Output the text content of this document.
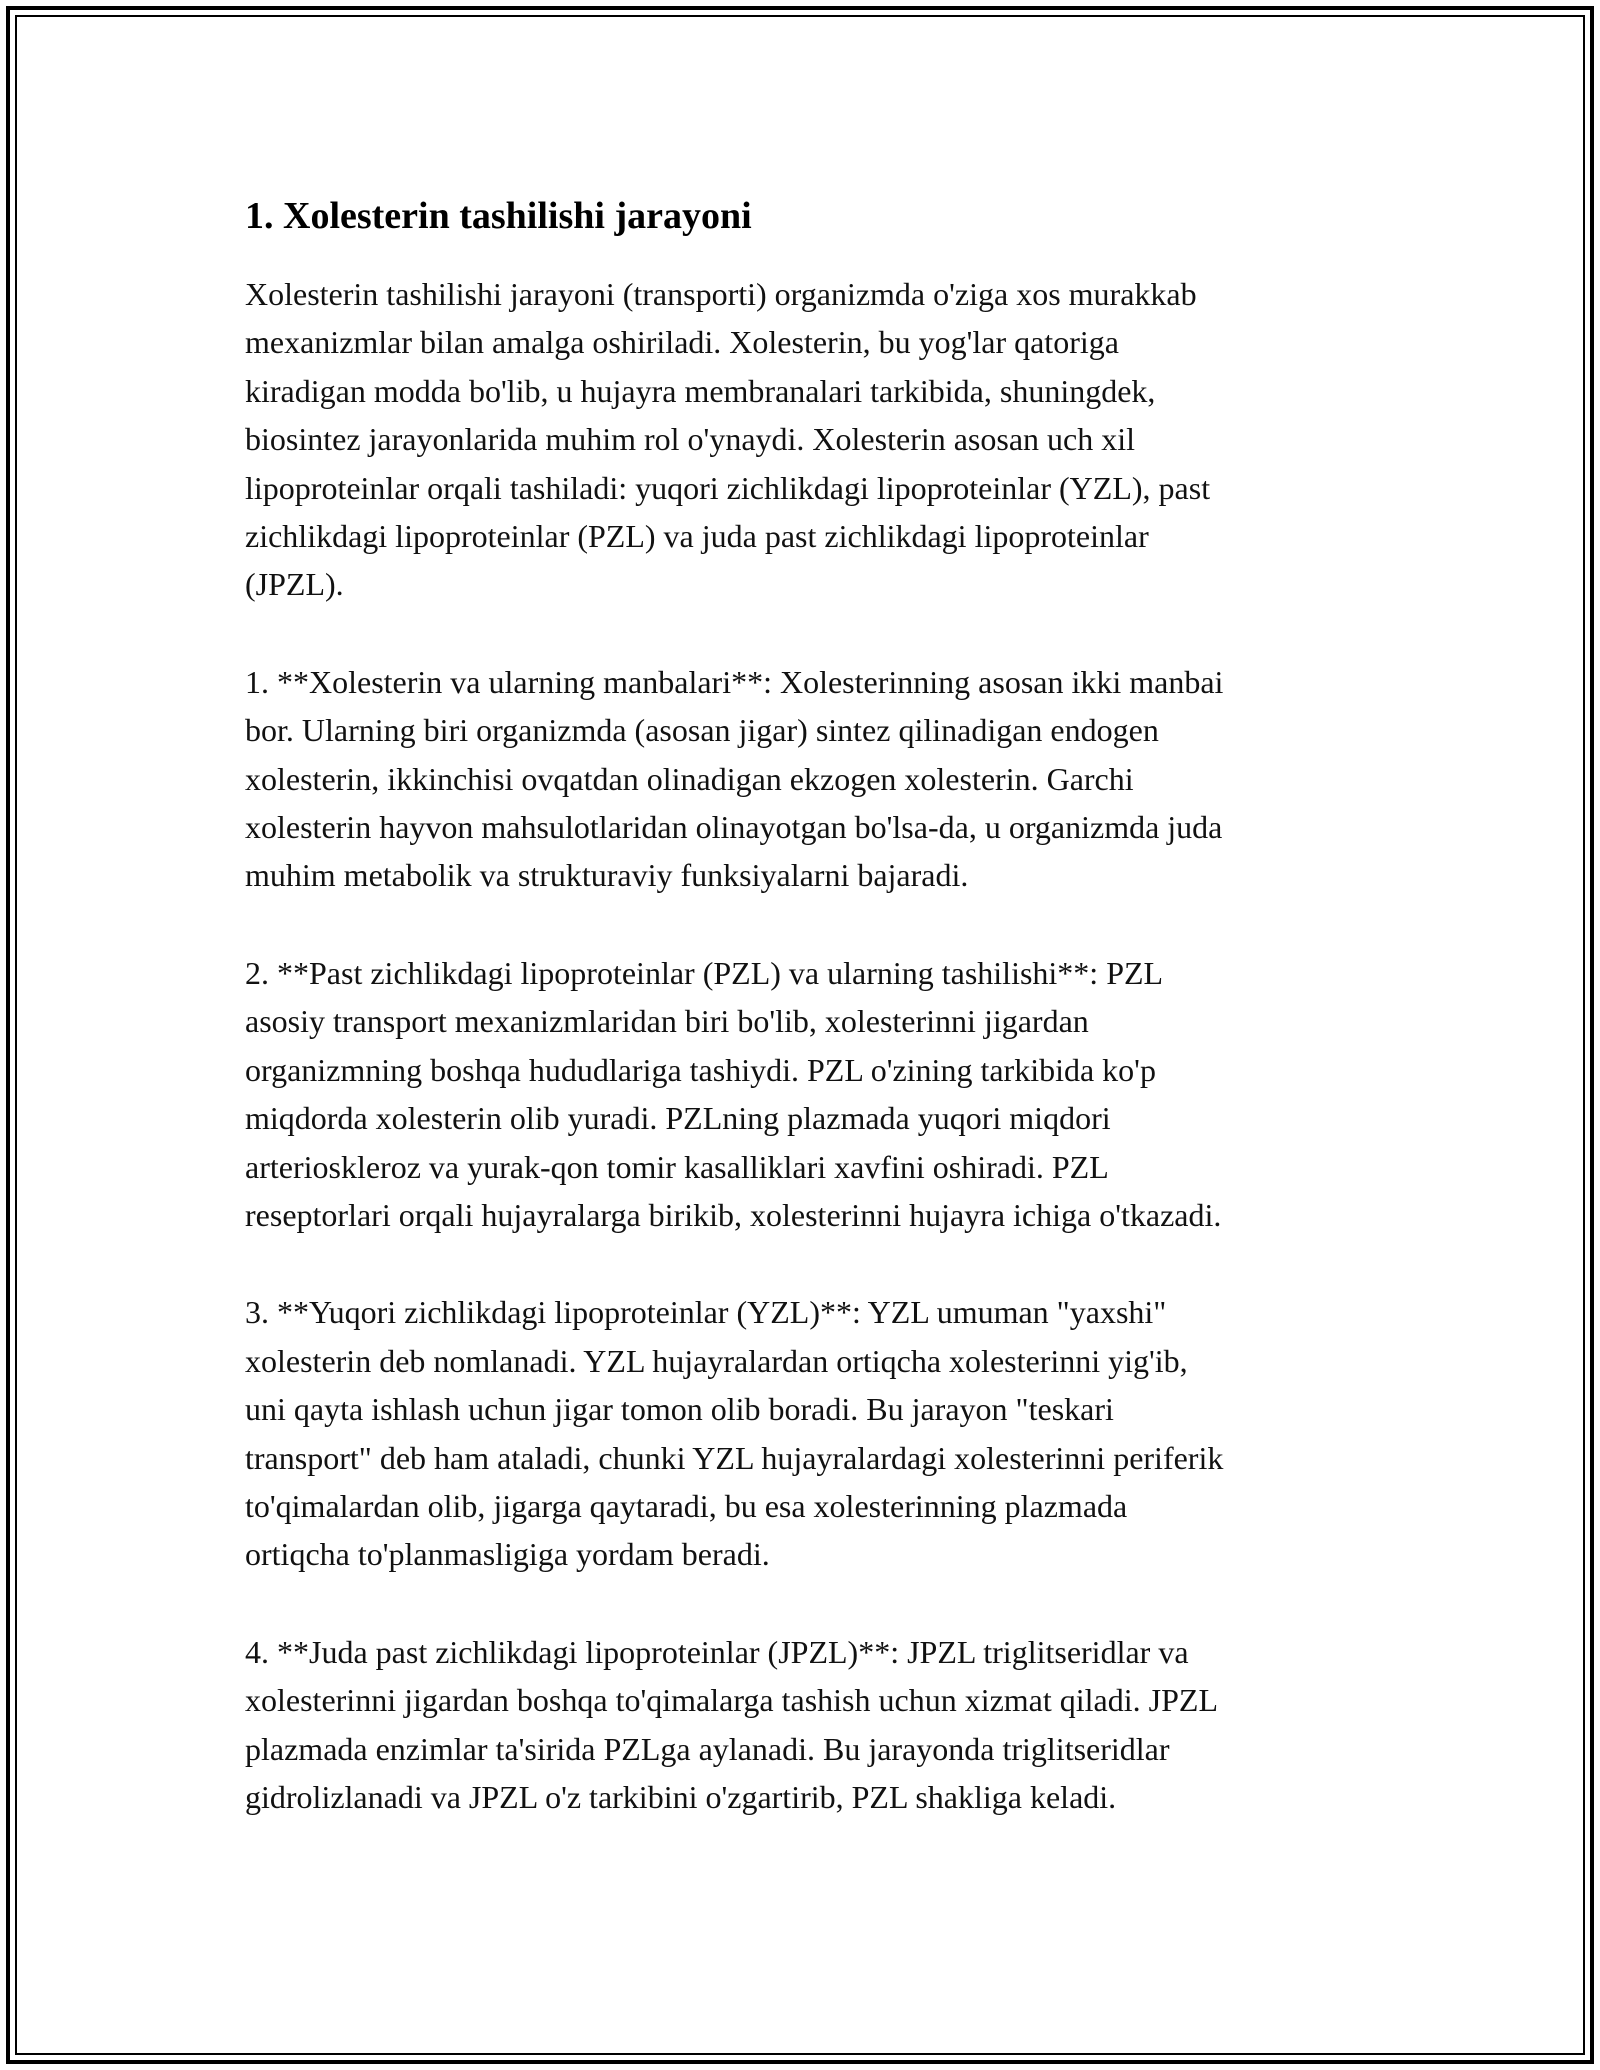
1. Xolesterin tashilishi jarayoni

Xolesterin tashilishi jarayoni (transporti) organizmda o'ziga xos murakkab
mexanizmlar bilan amalga oshiriladi. Xolesterin, bu yog'lar qatoriga
kiradigan modda bo'lib, u hujayra membranalari tarkibida, shuningdek,
biosintez jarayonlarida muhim rol o'ynaydi. Xolesterin asosan uch xil
lipoproteinlar orqali tashiladi: yuqori zichlikdagi lipoproteinlar (YZL), past
zichlikdagi lipoproteinlar (PZL) va juda past zichlikdagi lipoproteinlar
(JPZL).

1. **Xolesterin va ularning manbalari**: Xolesterinning asosan ikki manbai
bor. Ularning biri organizmda (asosan jigar) sintez qilinadigan endogen
xolesterin, ikkinchisi ovqatdan olinadigan ekzogen xolesterin. Garchi
xolesterin hayvon mahsulotlaridan olinayotgan bo'lsa-da, u organizmda juda
muhim metabolik va strukturaviy funksiyalarni bajaradi.

2. **Past zichlikdagi lipoproteinlar (PZL) va ularning tashilishi**: PZL
asosiy transport mexanizmlaridan biri bo'lib, xolesterinni jigardan
organizmning boshqa hududlariga tashiydi. PZL o'zining tarkibida ko'p
miqdorda xolesterin olib yuradi. PZLning plazmada yuqori miqdori
arterioskleroz va yurak-qon tomir kasalliklari xavfini oshiradi. PZL
reseptorlari orqali hujayralarga birikib, xolesterinni hujayra ichiga o'tkazadi.

3. **Yuqori zichlikdagi lipoproteinlar (YZL)**: YZL umuman "yaxshi"
xolesterin deb nomlanadi. YZL hujayralardan ortiqcha xolesterinni yig'ib,
uni qayta ishlash uchun jigar tomon olib boradi. Bu jarayon "teskari
transport" deb ham ataladi, chunki YZL hujayralardagi xolesterinni periferik
to'qimalardan olib, jigarga qaytaradi, bu esa xolesterinning plazmada
ortiqcha to'planmasligiga yordam beradi.

4. **Juda past zichlikdagi lipoproteinlar (JPZL)**: JPZL triglitseridlar va
xolesterinni jigardan boshqa to'qimalarga tashish uchun xizmat qiladi. JPZL
plazmada enzimlar ta'sirida PZLga aylanadi. Bu jarayonda triglitseridlar
gidrolizlanadi va JPZL o'z tarkibini o'zgartirib, PZL shakliga keladi.
